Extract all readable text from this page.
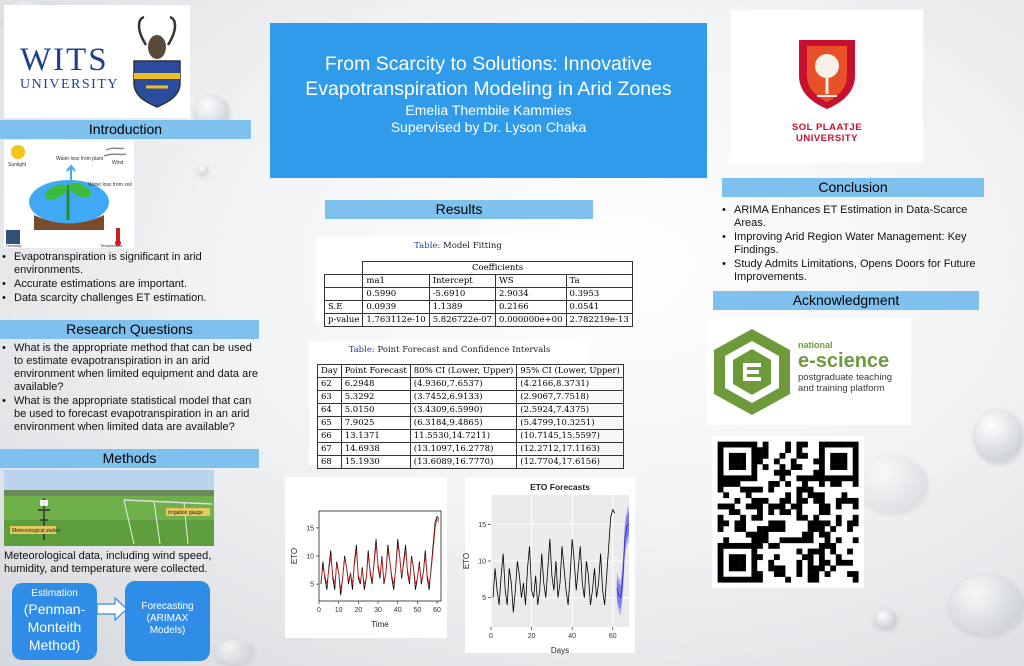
WITS
UNIVERSITY
From Scarcity to Solutions: Innovative
Evapotranspiration Modeling in Arid Zones
Emelia Thembile Kammies
Supervised by Dr. Lyson Chaka	SOL PLAATJE
UNIVERSITY
Introduction
Sunlight	Wind
Water loss from plant
Water loss from soil
Humidity	Temperature
• Evapotranspiration is significant in arid environments.
• Accurate estimations are important.
• Data scarcity challenges ET estimation.
Research Questions
• What is the appropriate method that can be used to estimate evapotranspiration in an arid environment when limited equipment and data are available?
• What is the appropriate statistical model that can be used to forecast evapotranspiration in an arid environment when limited data are available?
Methods
Irrigation gauge
Meteorological station
Meteorological data, including wind speed, humidity, and temperature were collected.
Estimation
(Penman-
Monteith
Method)
Forecasting
(ARIMAX
Models)
Results
Table: Model Fitting
	Coefficients			
	ma1	Intercept	WS	Ta
	0.5990	-5.6910	2.9034	0.3953
S.E	0.0939	1.1389	0.2166	0.0541
p-value	1.763112e-10	5.826722e-07	0.000000e+00	2.782219e-13
Table: Point Forecast and Confidence Intervals
Day	Point Forecast	80% CI (Lower, Upper)	95% CI (Lower, Upper)
62	6.2948	(4.9360,7.6537)	(4.2166,8.3731)
63	5.3292	(3.7452,6.9133)	(2.9067,7.7518)
64	5.0150	(3.4309,6.5990)	(2.5924,7.4375)
65	7.9025	(6.3184,9.4865)	(5.4799,10.3251)
66	13.1371	11.5530,14.7211)	(10.7145,15.5597)
67	14.6938	(13.1097,16.2778)	(12.2712,17.1163)
68	15.1930	(13.6089,16.7770)	(12.7704,17.6156)
0 10 20 30 40 50 60
5
10
15
Time
ETO
0	20	40	60
5
10
15
Days
ETO
ETO Forecasts
Conclusion
• ARIMA Enhances ET Estimation in Data-Scarce Areas.
• Improving Arid Region Water Management: Key Findings.
• Study Admits Limitations, Opens Doors for Future Improvements.
Acknowledgment
national
e-science
postgraduate teaching
and training platform
